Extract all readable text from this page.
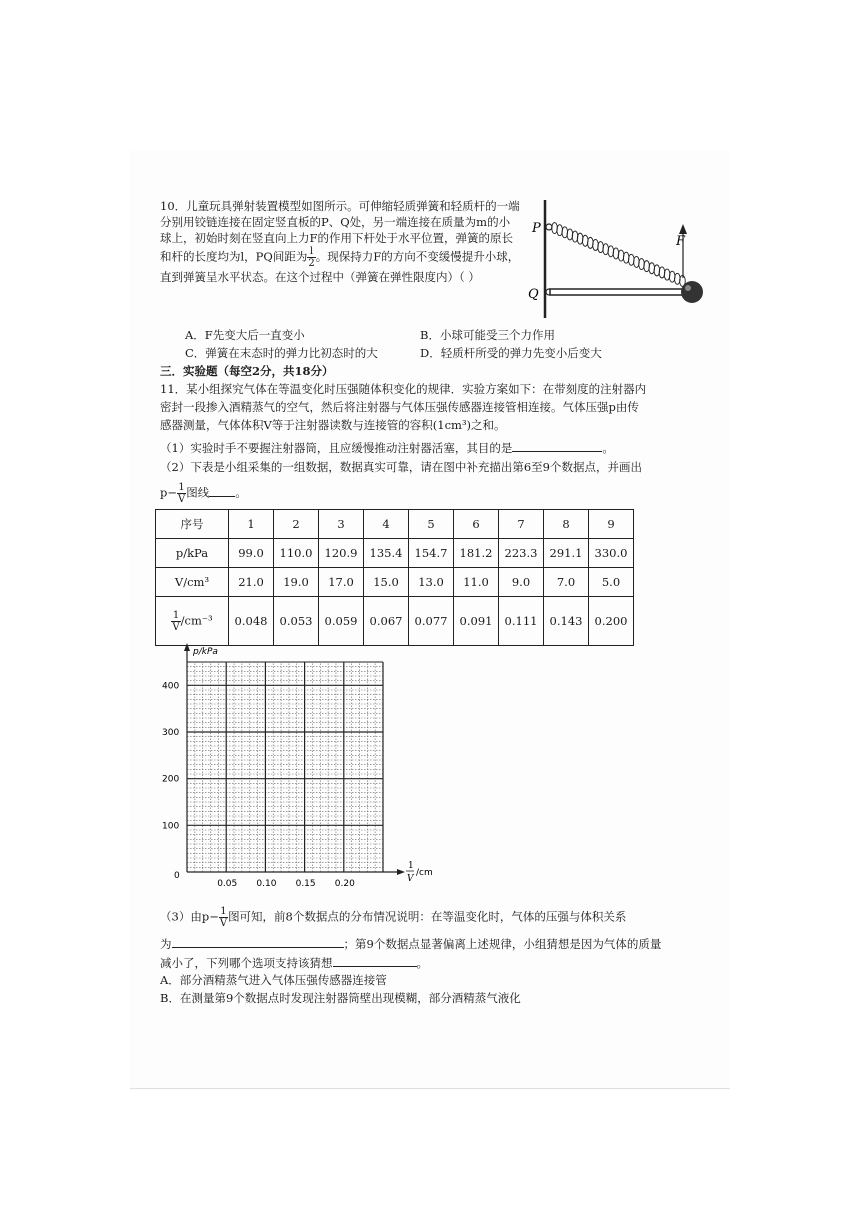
10．儿童玩具弹射装置模型如图所示。可伸缩轻质弹簧和轻质杆的一端分别用铰链连接在固定竖直板的P、Q处，另一端连接在质量为m的小球上，初始时刻在竖直向上力F的作用下杆处于水平位置，弹簧的原长和杆的长度均为l，PQ间距为 $\frac{l}{2}$ 。现保持力F的方向不变缓慢提升小球，直到弹簧呈水平状态。在这个过程中（弹簧在弹性限度内）（ ）
A．F先变大后一直变小	B．小球可能受三个力作用
C．弹簧在末态时的弹力比初态时的大	D．轻质杆所受的弹力先变小后变大
P
Q
F
三．实验题（每空2分，共18分）
11．某小组探究气体在等温变化时压强随体积变化的规律．实验方案如下：在带刻度的注射器内
密封一段掺入酒精蒸气的空气，然后将注射器与气体压强传感器连接管相连接。气体压强p由传
感器测量，气体体积V等于注射器读数与连接管的容积(1cm³)之和。
（1）实验时手不要握注射器筒，且应缓慢推动注射器活塞，其目的是	。
（2）下表是小组采集的一组数据，数据真实可靠，请在图中补充描出第6至9个数据点，并画出
$p- \frac{1}{V}$ 图线 。
序号	1	2	3	4	5	6	7	8	9
p/kPa	99.0	110.0	120.9	135.4	154.7	181.2	223.3	291.1	330.0
V/cm³	21.0	19.0	17.0	15.0	13.0	11.0	9.0	7.0	5.0

$\frac{1}{V} /cm^{-3}$	0.048	0.053	0.059	0.067	0.077	0.091	0.111	0.143	0.200
p/kPa
0
0.05 0.10 0.15 0.20
100
200
300
400
1
V
/cm
（3）由$p- \frac{1}{V}$ 图可知，前8个数据点的分布情况说明：在等温变化时，气体的压强与体积关系
为	；第9个数据点显著偏离上述规律，小组猜想是因为气体的质量
减小了，下列哪个选项支持该猜想	。
A．部分酒精蒸气进入气体压强传感器连接管
B．在测量第9个数据点时发现注射器筒壁出现模糊，部分酒精蒸气液化
